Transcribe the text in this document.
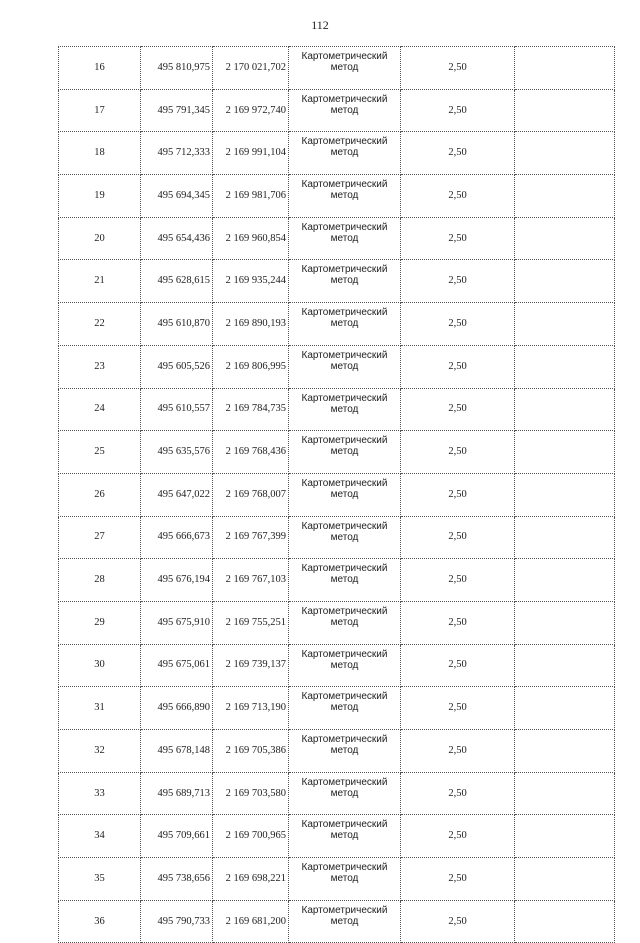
112
16	495 810,975	2 170 021,702	Картометрический метод	2,50	
17	495 791,345	2 169 972,740	Картометрический метод	2,50	
18	495 712,333	2 169 991,104	Картометрический метод	2,50	
19	495 694,345	2 169 981,706	Картометрический метод	2,50	
20	495 654,436	2 169 960,854	Картометрический метод	2,50	
21	495 628,615	2 169 935,244	Картометрический метод	2,50	
22	495 610,870	2 169 890,193	Картометрический метод	2,50	
23	495 605,526	2 169 806,995	Картометрический метод	2,50	
24	495 610,557	2 169 784,735	Картометрический метод	2,50	
25	495 635,576	2 169 768,436	Картометрический метод	2,50	
26	495 647,022	2 169 768,007	Картометрический метод	2,50	
27	495 666,673	2 169 767,399	Картометрический метод	2,50	
28	495 676,194	2 169 767,103	Картометрический метод	2,50	
29	495 675,910	2 169 755,251	Картометрический метод	2,50	
30	495 675,061	2 169 739,137	Картометрический метод	2,50	
31	495 666,890	2 169 713,190	Картометрический метод	2,50	
32	495 678,148	2 169 705,386	Картометрический метод	2,50	
33	495 689,713	2 169 703,580	Картометрический метод	2,50	
34	495 709,661	2 169 700,965	Картометрический метод	2,50	
35	495 738,656	2 169 698,221	Картометрический метод	2,50	
36	495 790,733	2 169 681,200	Картометрический метод	2,50	
